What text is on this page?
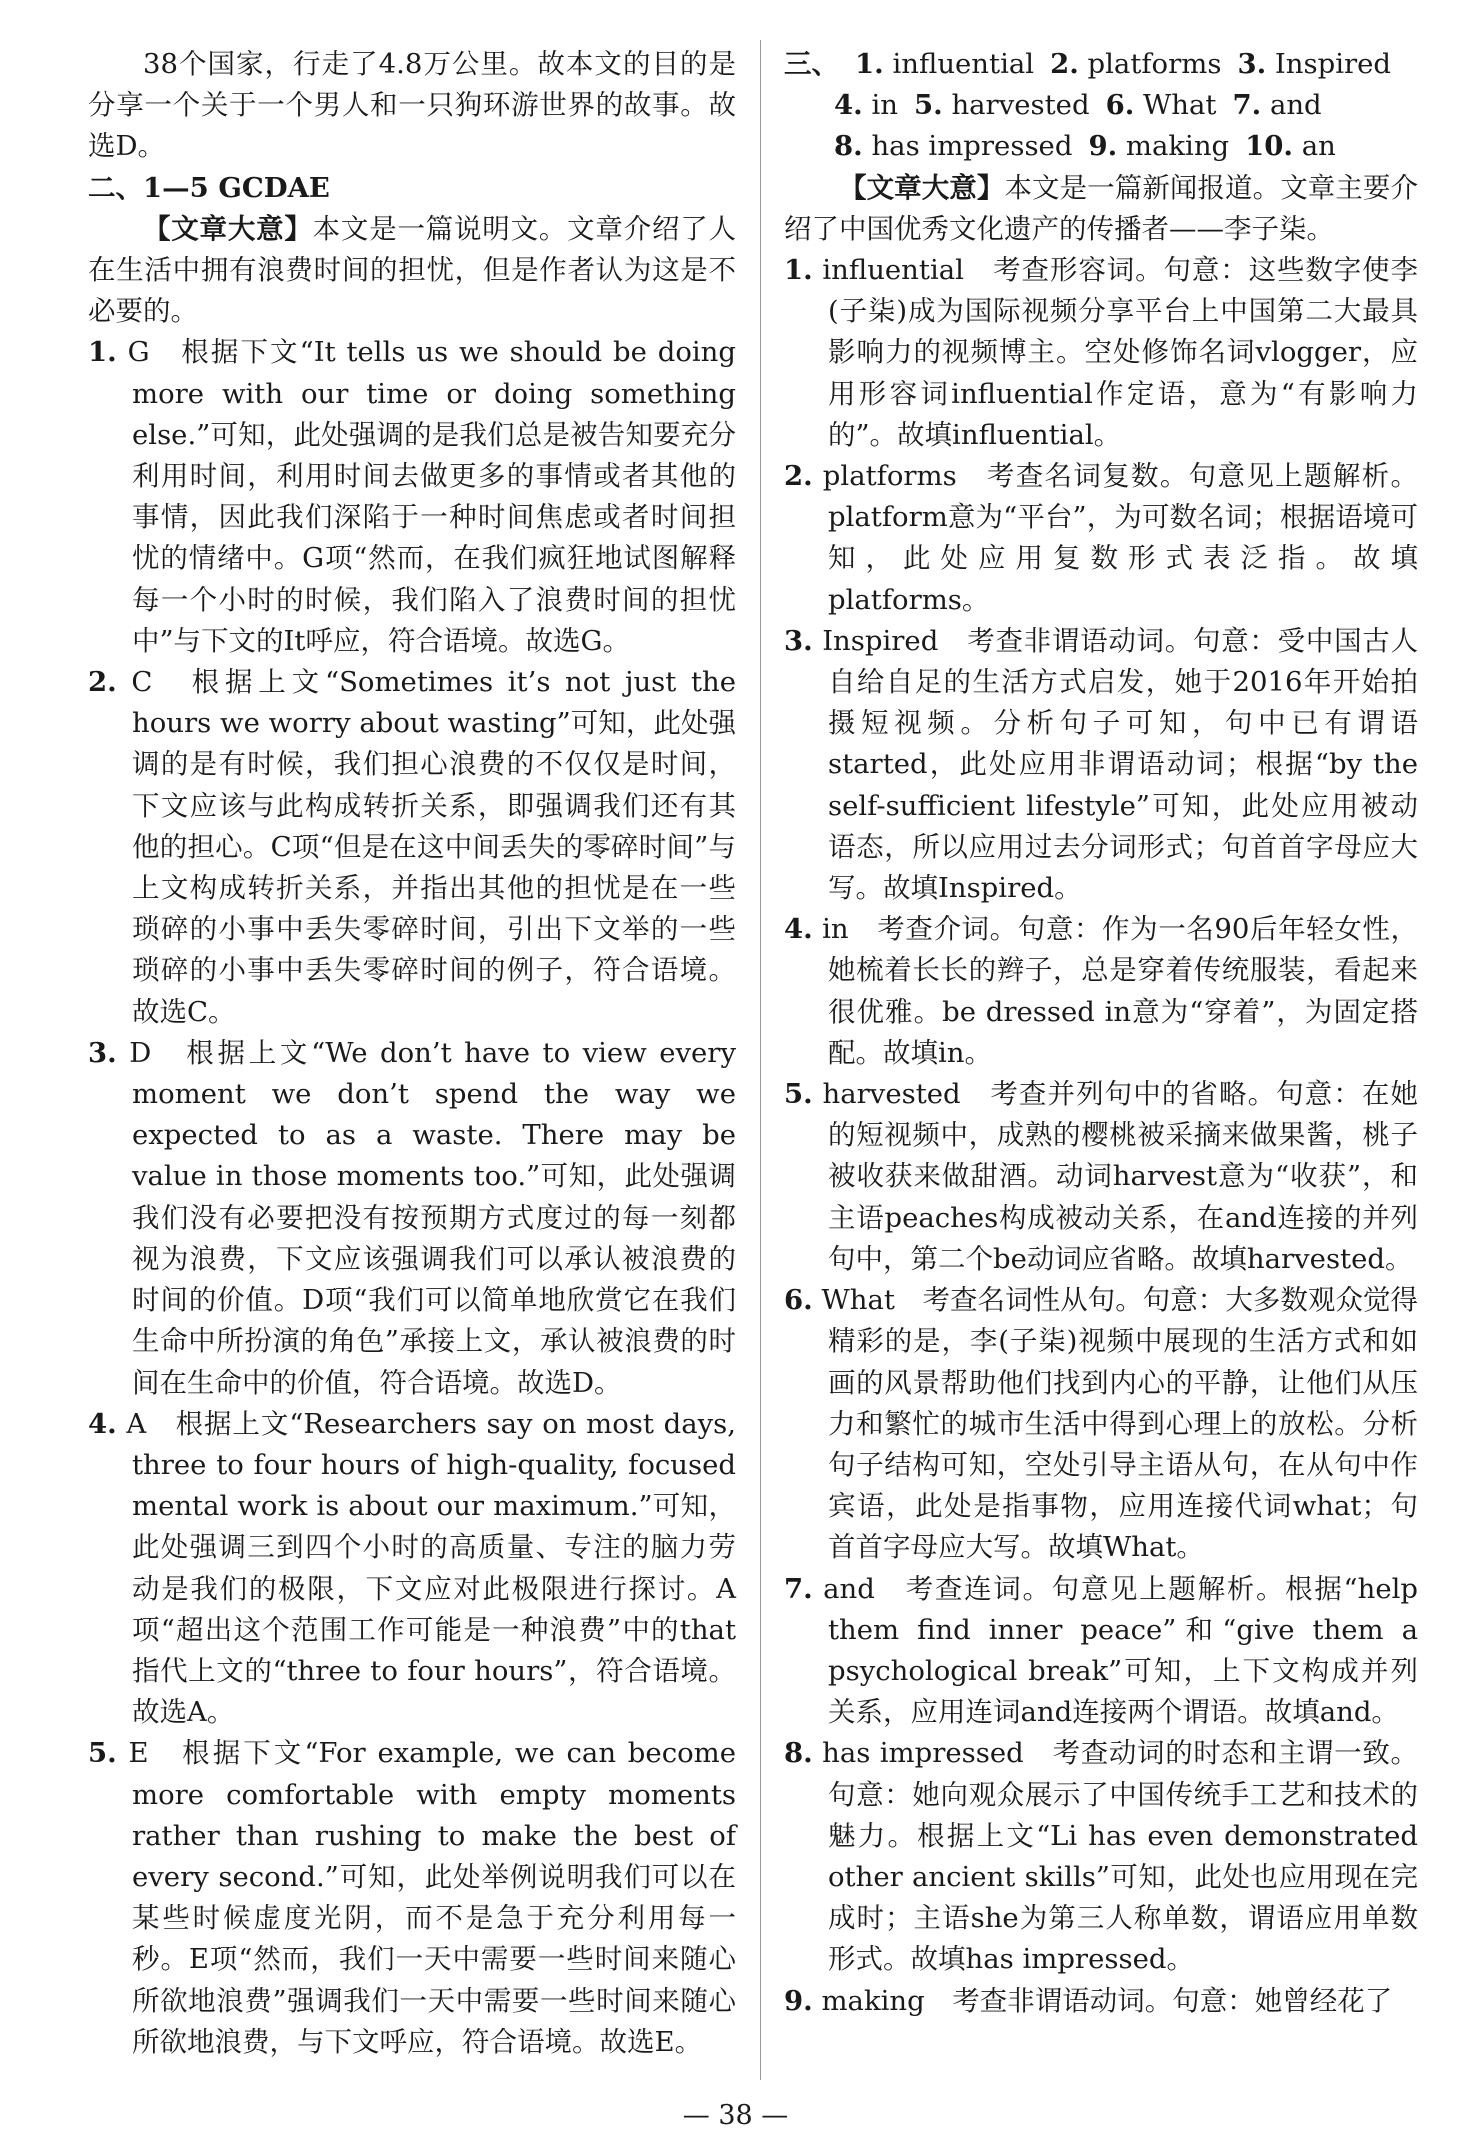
38个国家，行走了4.8万公里。故本文的目的是分享一个关于一个男人和一只狗环游世界的故事。故选D。

二、1—5 GCDAE

【文章大意】本文是一篇说明文。文章介绍了人在生活中拥有浪费时间的担忧，但是作者认为这是不必要的。

1. G　根据下文“It tells us we should be doing more with our time or doing something else.”可知，此处强调的是我们总是被告知要充分利用时间，利用时间去做更多的事情或者其他的事情，因此我们深陷于一种时间焦虑或者时间担忧的情绪中。G项“然而，在我们疯狂地试图解释每一个小时的时候，我们陷入了浪费时间的担忧中”与下文的It呼应，符合语境。故选G。

2. C　根据上文“Sometimes it’s not just the hours we worry about wasting”可知，此处强调的是有时候，我们担心浪费的不仅仅是时间，下文应该与此构成转折关系，即强调我们还有其他的担心。C项“但是在这中间丢失的零碎时间”与上文构成转折关系，并指出其他的担忧是在一些琐碎的小事中丢失零碎时间，引出下文举的一些琐碎的小事中丢失零碎时间的例子，符合语境。故选C。

3. D　根据上文“We don’t have to view every moment we don’t spend the way we expected to as a waste. There may be value in those moments too.”可知，此处强调我们没有必要把没有按预期方式度过的每一刻都视为浪费，下文应该强调我们可以承认被浪费的时间的价值。D项“我们可以简单地欣赏它在我们生命中所扮演的角色”承接上文，承认被浪费的时间在生命中的价值，符合语境。故选D。

4. A　根据上文“Researchers say on most days, three to four hours of high-quality, focused mental work is about our maximum.”可知，此处强调三到四个小时的高质量、专注的脑力劳动是我们的极限，下文应对此极限进行探讨。A项“超出这个范围工作可能是一种浪费”中的that指代上文的“three to four hours”，符合语境。故选A。

5. E　根据下文“For example, we can become more comfortable with empty moments rather than rushing to make the best of every second.”可知，此处举例说明我们可以在某些时候虚度光阴，而不是急于充分利用每一秒。E项“然而，我们一天中需要一些时间来随心所欲地浪费”强调我们一天中需要一些时间来随心所欲地浪费，与下文呼应，符合语境。故选E。

三、 1. influential 2. platforms 3. Inspired
4. in 5. harvested 6. What 7. and
8. has impressed 9. making 10. an

【文章大意】本文是一篇新闻报道。文章主要介绍了中国优秀文化遗产的传播者——李子柒。

1. influential　考查形容词。句意：这些数字使李(子柒)成为国际视频分享平台上中国第二大最具影响力的视频博主。空处修饰名词vlogger，应用形容词influential作定语，意为“有影响力的”。故填influential。

2. platforms　考查名词复数。句意见上题解析。platform意为“平台”，为可数名词；根据语境可知，此处应用复数形式表泛指。故填platforms。

3. Inspired　考查非谓语动词。句意：受中国古人自给自足的生活方式启发，她于2016年开始拍摄短视频。分析句子可知，句中已有谓语started，此处应用非谓语动词；根据“by the self-sufficient lifestyle”可知，此处应用被动语态，所以应用过去分词形式；句首首字母应大写。故填Inspired。

4. in　考查介词。句意：作为一名90后年轻女性，她梳着长长的辫子，总是穿着传统服装，看起来很优雅。be dressed in意为“穿着”，为固定搭配。故填in。

5. harvested　考查并列句中的省略。句意：在她的短视频中，成熟的樱桃被采摘来做果酱，桃子被收获来做甜酒。动词harvest意为“收获”，和主语peaches构成被动关系，在and连接的并列句中，第二个be动词应省略。故填harvested。

6. What　考查名词性从句。句意：大多数观众觉得精彩的是，李(子柒)视频中展现的生活方式和如画的风景帮助他们找到内心的平静，让他们从压力和繁忙的城市生活中得到心理上的放松。分析句子结构可知，空处引导主语从句，在从句中作宾语，此处是指事物，应用连接代词what；句首首字母应大写。故填What。

7. and　考查连词。句意见上题解析。根据“help them find inner peace”和“give them a psychological break”可知，上下文构成并列关系，应用连词and连接两个谓语。故填and。

8. has impressed　考查动词的时态和主谓一致。句意：她向观众展示了中国传统手工艺和技术的魅力。根据上文“Li has even demonstrated other ancient skills”可知，此处也应用现在完成时；主语she为第三人称单数，谓语应用单数形式。故填has impressed。

9. making　考查非谓语动词。句意：她曾经花了

— 38 —
